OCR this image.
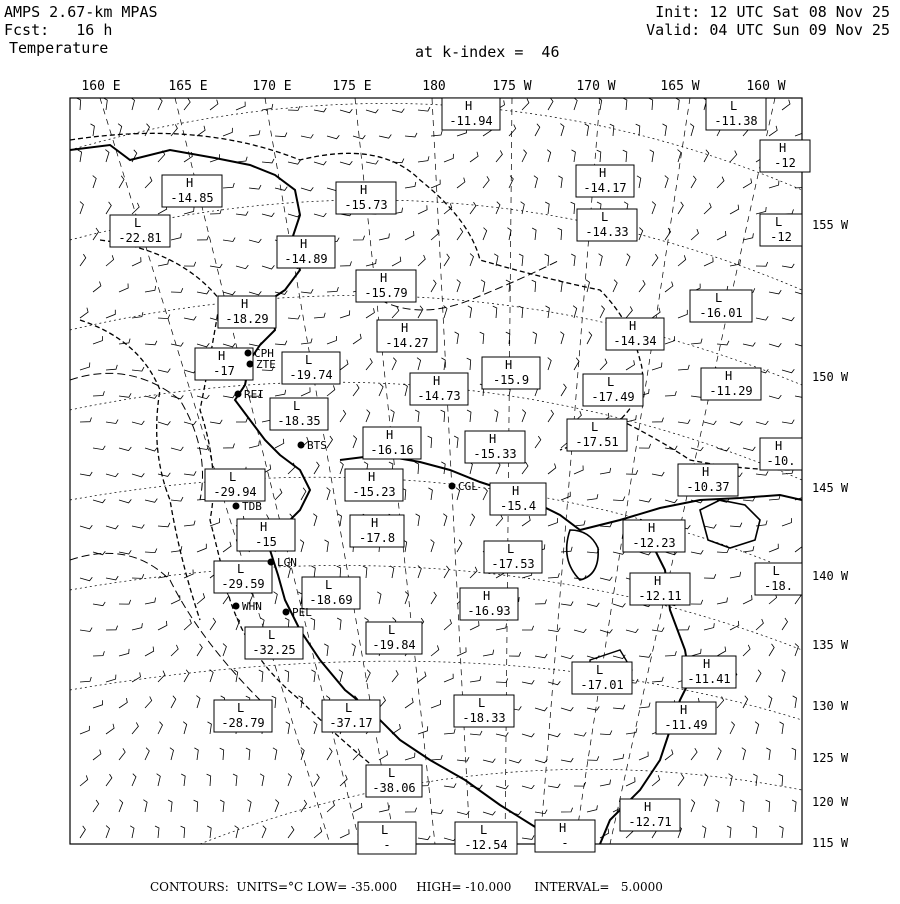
AMPS 2.67-km MPAS
Fcst: 16 h
Temperature
Init: 12 UTC Sat 08 Nov 25
Valid: 04 UTC Sun 09 Nov 25
at k-index =  46
160 E	165 E	170 E	175 E	180	175 W	170 W	165 W	160 W
155 W
150 W
145 W
140 W
135 W
130 W
125 W
120 W
115 W
H
-11.94
L
-11.38
H
-12
H
-14.85
H
-15.73
H
-14.17
L
-22.81
L
-14.33
L
-12
H
-14.89
H
-15.79
H
-18.29
L
-16.01
H
-14.27
H
-14.34
H
-17
L
-19.74
H
-15.9
H
-14.73
L
-17.49
H
-11.29
L
-18.35
H
-16.16
H
-15.33
L
-17.51	H
-10.
L
-29.94
H
-15.23	H
-15.4
H
-10.37
H
-15
H
-17.8
L
-17.53
H
-12.23
L
-29.59	L
-18.69	H
-16.93
H
-12.11
L
-18.
L
-32.25
L
-19.84
L
-17.01
H
-11.41
L
-28.79
L
-37.17
L
-18.33
H
-11.49
L
-38.06
H
-12.71
L
-
L
-12.54
H
-
BTS
CPH
ZTE
REI
TDB
LGN
WHN	PEL
CGL
CONTOURS: UNITS=°C LOW= -35.000 HIGH= -10.000 INTERVAL=   5.0000
